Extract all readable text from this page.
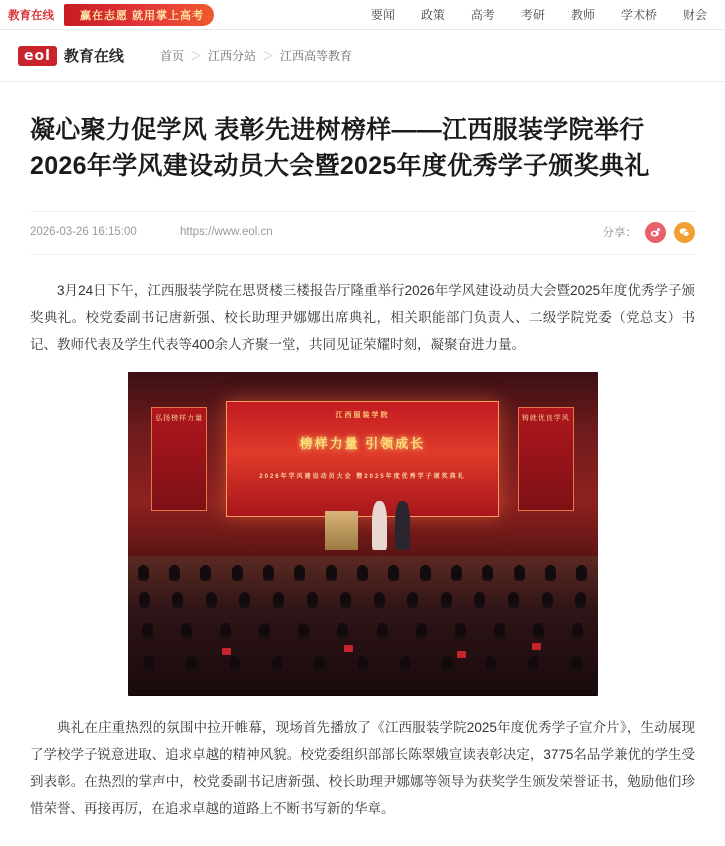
教育在线	赢在志愿 就用掌上高考	要闻 政策 高考 考研 教师 学术桥 财会
eol 教育在线	首页 ＞ 江西分站 ＞ 江西高等教育
凝心聚力促学风 表彰先进树榜样——江西服装学院举行2026年学风建设动员大会暨2025年度优秀学子颁奖典礼
2026-03-26 16:15:00	https://www.eol.cn	分享：

3月24日下午，江西服装学院在思贤楼三楼报告厅隆重举行2026年学风建设动员大会暨2025年度优秀学子颁奖典礼。校党委副书记唐新强、校长助理尹娜娜出席典礼，相关职能部门负责人、二级学院党委（党总支）书记、教师代表及学生代表等400余人齐聚一堂，共同见证荣耀时刻，凝聚奋进力量。

弘扬榜样力量	铸就优良学风
江西服装学院
榜样力量 引领成长
2026年学风建设动员大会 暨2025年度优秀学子颁奖典礼

典礼在庄重热烈的氛围中拉开帷幕，现场首先播放了《江西服装学院2025年度优秀学子宣介片》，生动展现了学校学子锐意进取、追求卓越的精神风貌。校党委组织部部长陈翠娥宣读表彰决定，3775名品学兼优的学生受到表彰。在热烈的掌声中，校党委副书记唐新强、校长助理尹娜娜等领导为获奖学生颁发荣誉证书，勉励他们珍惜荣誉、再接再厉，在追求卓越的道路上不断书写新的华章。
